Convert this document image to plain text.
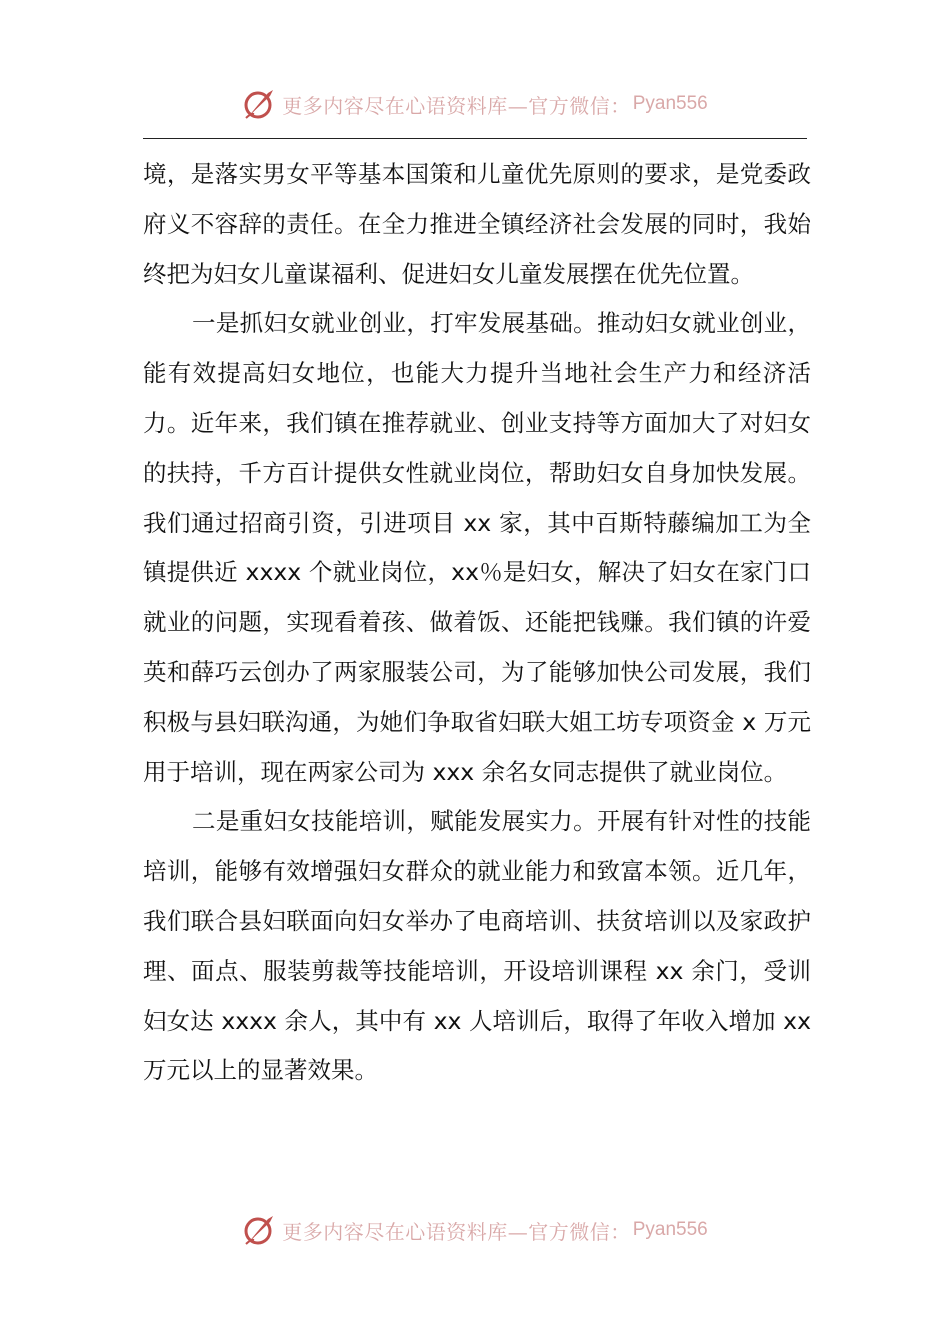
更多内容尽在心语资料库—官方微信： Pyan556

境，是落实男女平等基本国策和儿童优先原则的要求，是党委政府义不容辞的责任。在全力推进全镇经济社会发展的同时，我始终把为妇女儿童谋福利、促进妇女儿童发展摆在优先位置。

一是抓妇女就业创业，打牢发展基础。推动妇女就业创业，能有效提高妇女地位，也能大力提升当地社会生产力和经济活力。近年来，我们镇在推荐就业、创业支持等方面加大了对妇女的扶持，千方百计提供女性就业岗位，帮助妇女自身加快发展。我们通过招商引资，引进项目 xx 家，其中百斯特藤编加工为全镇提供近 xxxx 个就业岗位，xx％是妇女，解决了妇女在家门口就业的问题，实现看着孩、做着饭、还能把钱赚。我们镇的许爱英和薛巧云创办了两家服装公司，为了能够加快公司发展，我们积极与县妇联沟通，为她们争取省妇联大姐工坊专项资金 x 万元用于培训，现在两家公司为 xxx 余名女同志提供了就业岗位。

二是重妇女技能培训，赋能发展实力。开展有针对性的技能培训，能够有效增强妇女群众的就业能力和致富本领。近几年，我们联合县妇联面向妇女举办了电商培训、扶贫培训以及家政护理、面点、服装剪裁等技能培训，开设培训课程 xx 余门，受训妇女达 xxxx 余人，其中有 xx 人培训后，取得了年收入增加 xx 万元以上的显著效果。

更多内容尽在心语资料库—官方微信： Pyan556
